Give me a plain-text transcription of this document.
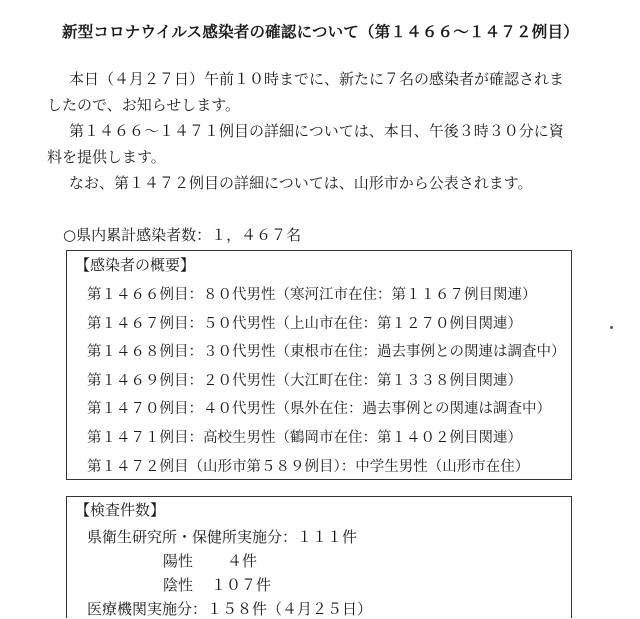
新型コロナウイルス感染者の確認について（第１４６６～１４７２例目）

本日（４月２７日）午前１０時までに、新たに７名の感染者が確認されま
したので、お知らせします。

第１４６６～１４７１例目の詳細については、本日、午後３時３０分に資
料を提供します。

なお、第１４７２例目の詳細については、山形市から公表されます。

○県内累計感染者数：１，４６７名
【感染者の概要】
第１４６６例目：８０代男性（寒河江市在住：第１１６７例目関連）
第１４６７例目：５０代男性（上山市在住：第１２７０例目関連）
第１４６８例目：３０代男性（東根市在住：過去事例との関連は調査中）
第１４６９例目：２０代男性（大江町在住：第１３３８例目関連）
第１４７０例目：４０代男性（県外在住：過去事例との関連は調査中）
第１４７１例目：高校生男性（鶴岡市在住：第１４０２例目関連）
第１４７２例目（山形市第５８９例目）：中学生男性（山形市在住）
【検査件数】
県衛生研究所・保健所実施分：１１１件
陽性 ４件
陰性 １０７件
医療機関実施分：１５８件（４月２５日）
